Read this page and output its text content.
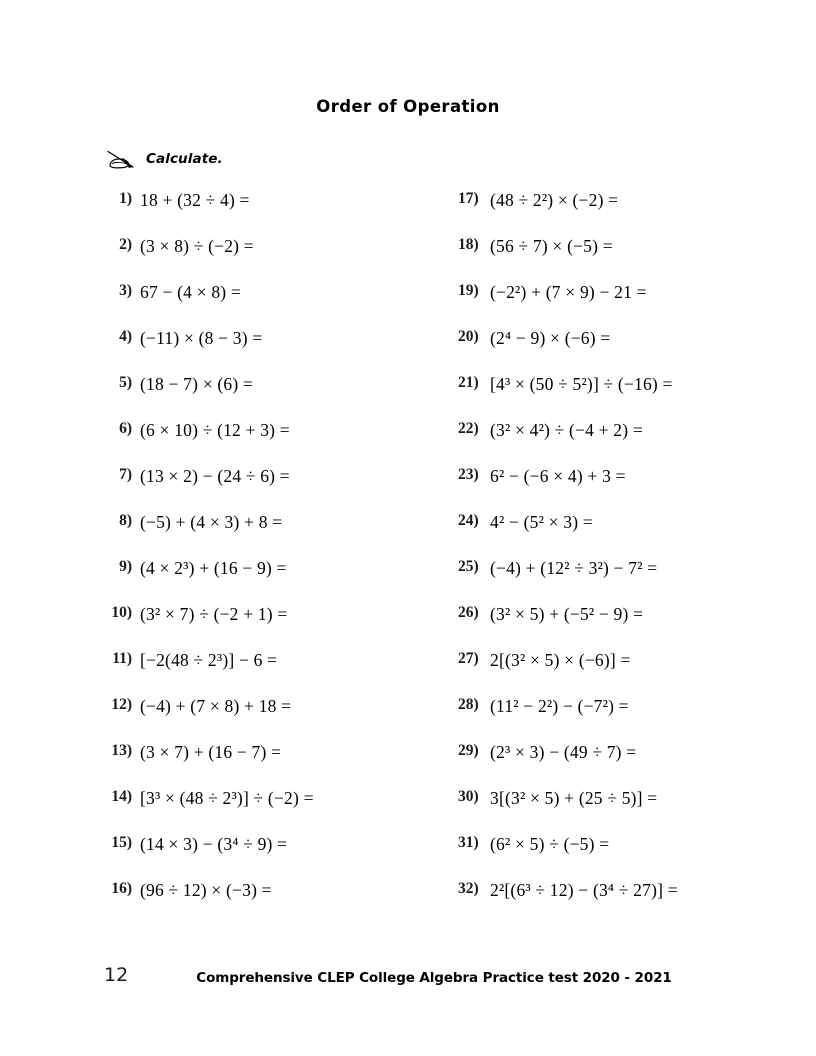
Order of Operation
Calculate.
1) 18 + (32 ÷ 4) =
2) (3 × 8) ÷ (−2) =
3) 67 − (4 × 8) =
4) (−11) × (8 − 3) =
5) (18 − 7) × (6) =
6) (6 × 10) ÷ (12 + 3) =
7) (13 × 2) − (24 ÷ 6) =
8) (−5) + (4 × 3) + 8 =
9) (4 × 2³) + (16 − 9) =
10) (3² × 7) ÷ (−2 + 1) =
11) [−2(48 ÷ 2³)] − 6 =
12) (−4) + (7 × 8) + 18 =
13) (3 × 7) + (16 − 7) =
14) [3³ × (48 ÷ 2³)] ÷ (−2) =
15) (14 × 3) − (3⁴ ÷ 9) =
16) (96 ÷ 12) × (−3) =
17) (48 ÷ 2²) × (−2) =
18) (56 ÷ 7) × (−5) =
19) (−2²) + (7 × 9) − 21 =
20) (2⁴ − 9) × (−6) =
21) [4³ × (50 ÷ 5²)] ÷ (−16) =
22) (3² × 4²) ÷ (−4 + 2) =
23) 6² − (−6 × 4) + 3 =
24) 4² − (5² × 3) =
25) (−4) + (12² ÷ 3²) − 7² =
26) (3² × 5) + (−5² − 9) =
27) 2[(3² × 5) × (−6)] =
28) (11² − 2²) − (−7²) =
29) (2³ × 3) − (49 ÷ 7) =
30) 3[(3² × 5) + (25 ÷ 5)] =
31) (6² × 5) ÷ (−5) =
32) 2²[(6³ ÷ 12) − (3⁴ ÷ 27)] =
12	Comprehensive CLEP College Algebra Practice test 2020 - 2021
